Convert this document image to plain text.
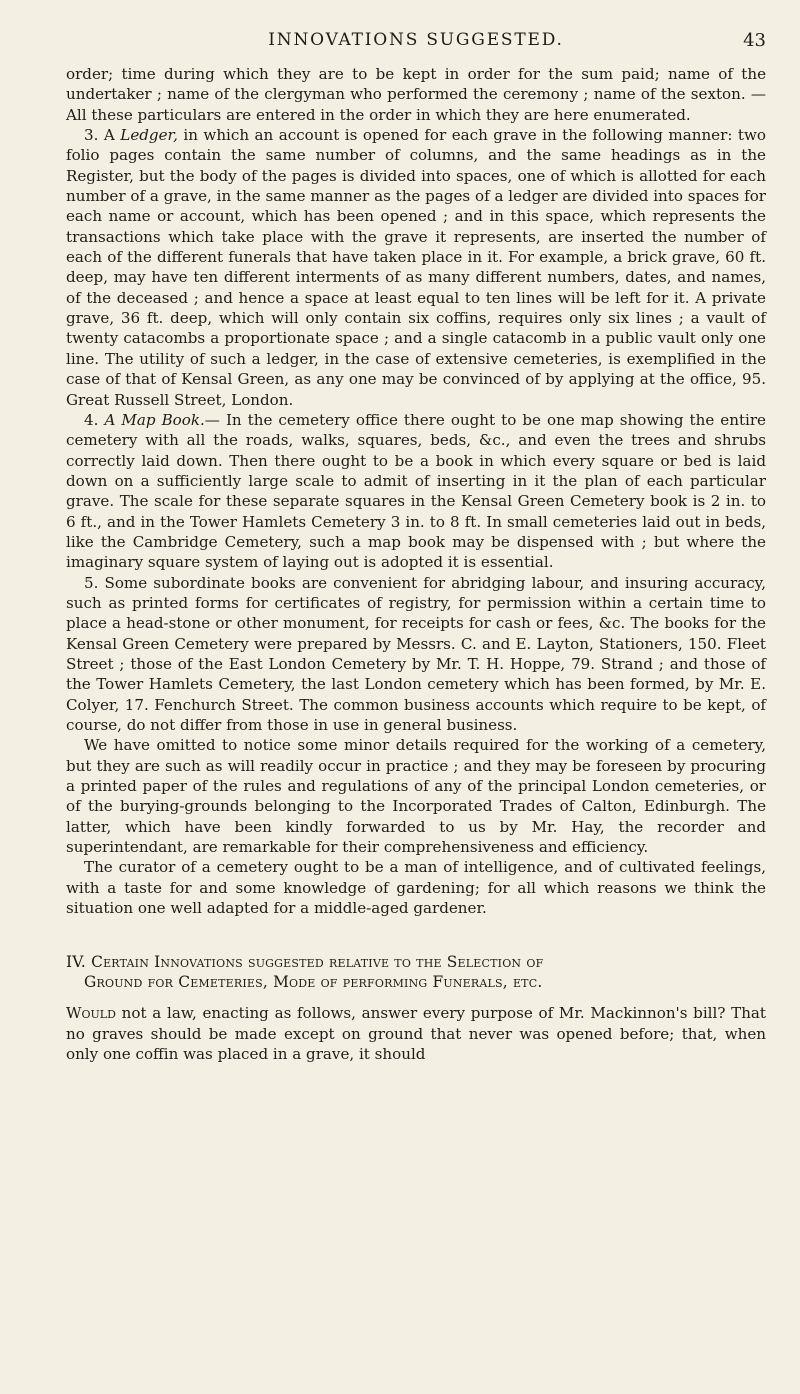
INNOVATIONS SUGGESTED.	43

order; time during which they are to be kept in order for the sum paid; name of the undertaker ; name of the clergyman who performed the ceremony ; name of the sexton. — All these particulars are entered in the order in which they are here enumerated.

3. A Ledger, in which an account is opened for each grave in the following manner: two folio pages contain the same number of columns, and the same headings as in the Register, but the body of the pages is divided into spaces, one of which is allotted for each number of a grave, in the same manner as the pages of a ledger are divided into spaces for each name or account, which has been opened ; and in this space, which represents the transactions which take place with the grave it represents, are inserted the number of each of the different funerals that have taken place in it. For example, a brick grave, 60 ft. deep, may have ten different interments of as many different numbers, dates, and names, of the deceased ; and hence a space at least equal to ten lines will be left for it. A private grave, 36 ft. deep, which will only contain six coffins, requires only six lines ; a vault of twenty catacombs a proportionate space ; and a single catacomb in a public vault only one line. The utility of such a ledger, in the case of extensive cemeteries, is exemplified in the case of that of Kensal Green, as any one may be convinced of by applying at the office, 95. Great Russell Street, London.

4. A Map Book.— In the cemetery office there ought to be one map showing the entire cemetery with all the roads, walks, squares, beds, &c., and even the trees and shrubs correctly laid down. Then there ought to be a book in which every square or bed is laid down on a sufficiently large scale to admit of inserting in it the plan of each particular grave. The scale for these separate squares in the Kensal Green Cemetery book is 2 in. to 6 ft., and in the Tower Hamlets Cemetery 3 in. to 8 ft. In small cemeteries laid out in beds, like the Cambridge Cemetery, such a map book may be dispensed with ; but where the imaginary square system of laying out is adopted it is essential.

5. Some subordinate books are convenient for abridging labour, and insuring accuracy, such as printed forms for certificates of registry, for permission within a certain time to place a head-stone or other monument, for receipts for cash or fees, &c. The books for the Kensal Green Cemetery were prepared by Messrs. C. and E. Layton, Stationers, 150. Fleet Street ; those of the East London Cemetery by Mr. T. H. Hoppe, 79. Strand ; and those of the Tower Hamlets Cemetery, the last London cemetery which has been formed, by Mr. E. Colyer, 17. Fenchurch Street. The common business accounts which require to be kept, of course, do not differ from those in use in general business.

We have omitted to notice some minor details required for the working of a cemetery, but they are such as will readily occur in practice ; and they may be foreseen by procuring a printed paper of the rules and regulations of any of the principal London cemeteries, or of the burying-grounds belonging to the Incorporated Trades of Calton, Edinburgh. The latter, which have been kindly forwarded to us by Mr. Hay, the recorder and superintendant, are remarkable for their comprehensiveness and efficiency.

The curator of a cemetery ought to be a man of intelligence, and of cultivated feelings, with a taste for and some knowledge of gardening; for all which reasons we think the situation one well adapted for a middle-aged gardener.

IV. Certain Innovations suggested relative to the Selection of
Ground for Cemeteries, Mode of performing Funerals, etc.

Would not a law, enacting as follows, answer every purpose of Mr. Mackinnon's bill? That no graves should be made except on ground that never was opened before; that, when only one coffin was placed in a grave, it should
